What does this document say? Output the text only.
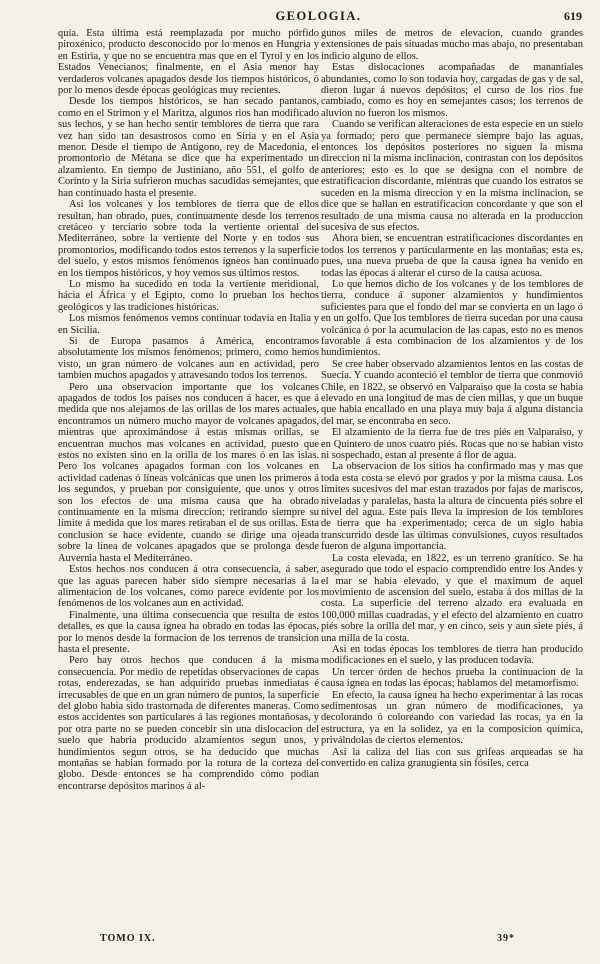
GEOLOGIA.	619

quía. Esta última está reemplazada por mucho pórfido piroxénico, producto desconocido por lo menos en Hungria y en Estiria, y que no se encuentra mas que en el Tyrol y en los Estados Venecianos; finalmente, en el Asia menor hay verdaderos volcanes apagados desde los tiempos históricos, ó por lo menos desde épocas geológicas muy recientes.

Desde los tiempos históricos, se han secado pantanos, como en el Strimon y el Maritza, algunos rios han modificado sus lechos, y se han hecho sentir temblores de tierra que rara vez han sido tan desastrosos como en Siria y en el Asia menor. Desde el tiempo de Antígono, rey de Macedonia, el promontorio de Métana se dice que ha experimentado un alzamiento. En tiempo de Justiniano, año 551, el golfo de Corinto y la Siria sufrieron muchas sacudidas semejantes, que han continuado hasta el presente.

Asi los volcanes y los temblores de tierra que de ellos resultan, han obrado, pues, continuamente desde los terrenos cretáceo y terciario sobre toda la vertiente oriental del Mediterráneo, sobre la vertiente del Norte y en todos sus promontorios, modificando todos estos terrenos y la superficie del suelo, y estos mismos fenómenos ígneos han continuado en los tiempos históricos, y hoy vemos sus últimos restos.

Lo mismo ha sucedido en toda la vertiente meridional, hácia el África y el Egipto, como lo prueban los hechos geológicos y las tradiciones históricas.

Los mismos fenómenos vemos continuar todavía en Italia y en Sicilia.

Si de Europa pasamos á América, encontramos absolutamente los mismos fenómenos; primero, como hemos visto, un gran número de volcanes aun en actividad, pero tambien muchos apagados y atravesando todos los terrenos.

Pero una observacion importante que los volcanes apagados de todos los países nos conducen á hacer, es que á medida que nos alejamos de las orillas de los mares actuales, encontramos un número mucho mayor de volcanes apagados, mientras que aproximándose á estas mismas orillas, se encuentran muchos mas volcanes en actividad, puesto que estos no existen sino en la orilla de los mares ó en las islas. Pero los volcanes apagados forman con los volcanes en actividad cadenas ó líneas volcánicas que unen los primeros á los segundos, y prueban por consiguiente, que unos y otros son los efectos de una misma causa que ha obrado continuamente en la misma direccion; retirando siempre su límite á medida que los mares retiraban el de sus orillas. Esta conclusion se hace evidente, cuando se dirige una ojeada sobre la línea de volcanes apagados que se prolonga desde Auvernia hasta el Mediterráneo.

Estos hechos nos conducen á otra consecuencia, á saber, que las aguas parecen haber sido siempre necesarias á la alimentacion de los volcanes, como parece evidente por los fenómenos de los volcanes aun en actividad.

Finalmente, una última consecuencia que resulta de estos detalles, es que la causa ígnea ha obrado en todas las épocas, por lo menos desde la formacion de los terrenos de transicion hasta el presente.

Pero hay otros hechos que conducen á la misma consecuencia. Por medio de repetidas observaciones de capas rotas, enderezadas, se han adquirido pruebas inmediatas é irrecusables de que en un gran número de puntos, la superficie del globo habia sido trastornada de diferentes maneras. Como estos accidentes son particulares á las regiones montañosas, y por otra parte no se pueden concebir sin una dislocacion del suelo que habria producido alzamientos segun unos, y hundimientos segun otros, se ha deducido que muchas montañas se habian formado por la rotura de la corteza del globo. Desde entonces se ha comprendido cómo podian encontrarse depósitos marinos á al-

gunos miles de metros de elevacion, cuando grandes extensiones de pais situadas mucho mas abajo, no presentaban indicio alguno de ellos.

Estas dislocaciones acompañadas de manantiales abundantes, como lo son todavia hoy, cargadas de gas y de sal, dieron lugar á nuevos depósitos; el curso de los rios fue cambiado, como es hoy en semejantes casos; los terrenos de aluvion no fueron los mismos.

Cuando se verifican alteraciones de esta especie en un suelo ya formado; pero que permanece siempre bajo las aguas, entonces los depósitos posteriores no siguen la misma direccion ni la misma inclinacion, contrastan con los depósitos anteriores; esto es lo que se designa con el nombre de estratificacion discordante, mientras que cuando los estratos se suceden en la misma direccion y en la misma inclinacion, se dice que se hallan en estratificacion concordante y que son el resultado de una misma causa no alterada en la produccion sucesiva de sus efectos.

Ahora bien, se encuentran estratificaciones discordantes en todos los terrenos y particularmente en las montañas; esta es, pues, una nueva prueba de que la causa ígnea ha venido en todas las épocas á alterar el curso de la causa acuosa.

Lo que hemos dicho de los volcanes y de los temblores de tierra, conduce á suponer alzamientos y hundimientos suficientes para que el fondo del mar se convierta en un lago ó en un golfo. Que los temblores de tierra sucedan por una causa volcánica ó por la acumulacion de las capas, esto no es menos favorable á esta combinacion de los alzamientos y de los hundimientos.

Se cree haber observado alzamientos lentos en las costas de Suecia. Y cuando aconteció el temblor de tierra que conmovió Chile, en 1822, se observó en Valparaiso que la costa se habia elevado en una longitud de mas de cien millas, y que un buque que habia encallado en una playa muy baja á alguna distancia del mar, se encontraba en seco.

El alzamiento de la tierra fue de tres piés en Valparaiso, y en Quintero de unos cuatro piés. Rocas que no se habian visto ni sospechado, estan al presente á flor de agua.

La observacion de los sitios ha confirmado mas y mas que toda esta costa se elevó por grados y por la misma causa. Los límites sucesivos del mar estan trazados por fajas de mariscos, niveladas y paralelas, hasta la altura de cincuenta piés sobre el nivel del agua. Este pais lleva la impresion de los temblores de tierra que ha experimentado; cerca de un siglo habia transcurrido desde las últimas convulsiones, cuyos resultados fueron de alguna importancia.

La costa elevada, en 1822, es un terreno granítico. Se ha asegurado que todo el espacio comprendido entre los Andes y el mar se habia elevado, y que el maximum de aquel movimiento de ascension del suelo, estaba á dos millas de la costa. La superficie del terreno alzado era evaluada en 100,000 millas cuadradas, y el efecto del alzamiento en cuatro piés sobre la orilla del mar, y en cinco, seis y aun siete piés, á una milla de la costa.

Asi en todas épocas los temblores de tierra han producido modificaciones en el suelo, y las producen todavia.

Un tercer órden de hechos prueba la continuacion de la causa ígnea en todas las épocas; hablamos del metamorfismo.

En efecto, la causa ígnea ha hecho experimentar á las rocas sedimentosas un gran número de modificaciones, ya decolorando ó coloreando con variedad las rocas, ya en la estructura, ya en la solidez, ya en la composicion química, priválndolas de ciertos elementos.

Asi la caliza del lias con sus grifeas arqueadas se ha convertido en caliza granugienta sin fósiles, cerca

TOMO IX.	39*
